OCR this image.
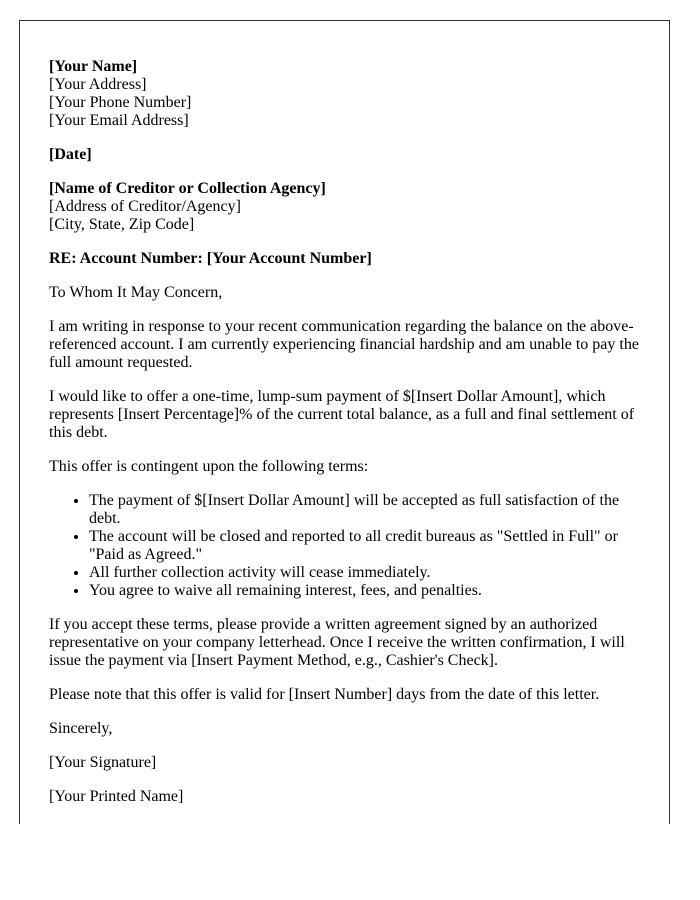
[Your Name]
[Your Address]
[Your Phone Number]
[Your Email Address]

[Date]

[Name of Creditor or Collection Agency]
[Address of Creditor/Agency]
[City, State, Zip Code]

RE: Account Number: [Your Account Number]

To Whom It May Concern,

I am writing in response to your recent communication regarding the balance on the above-referenced account. I am currently experiencing financial hardship and am unable to pay the full amount requested.

I would like to offer a one-time, lump-sum payment of $[Insert Dollar Amount], which represents [Insert Percentage]% of the current total balance, as a full and final settlement of this debt.

This offer is contingent upon the following terms:

• The payment of $[Insert Dollar Amount] will be accepted as full satisfaction of the debt.
• The account will be closed and reported to all credit bureaus as "Settled in Full" or "Paid as Agreed."
• All further collection activity will cease immediately.
• You agree to waive all remaining interest, fees, and penalties.

If you accept these terms, please provide a written agreement signed by an authorized representative on your company letterhead. Once I receive the written confirmation, I will issue the payment via [Insert Payment Method, e.g., Cashier's Check].

Please note that this offer is valid for [Insert Number] days from the date of this letter.

Sincerely,

[Your Signature]

[Your Printed Name]
